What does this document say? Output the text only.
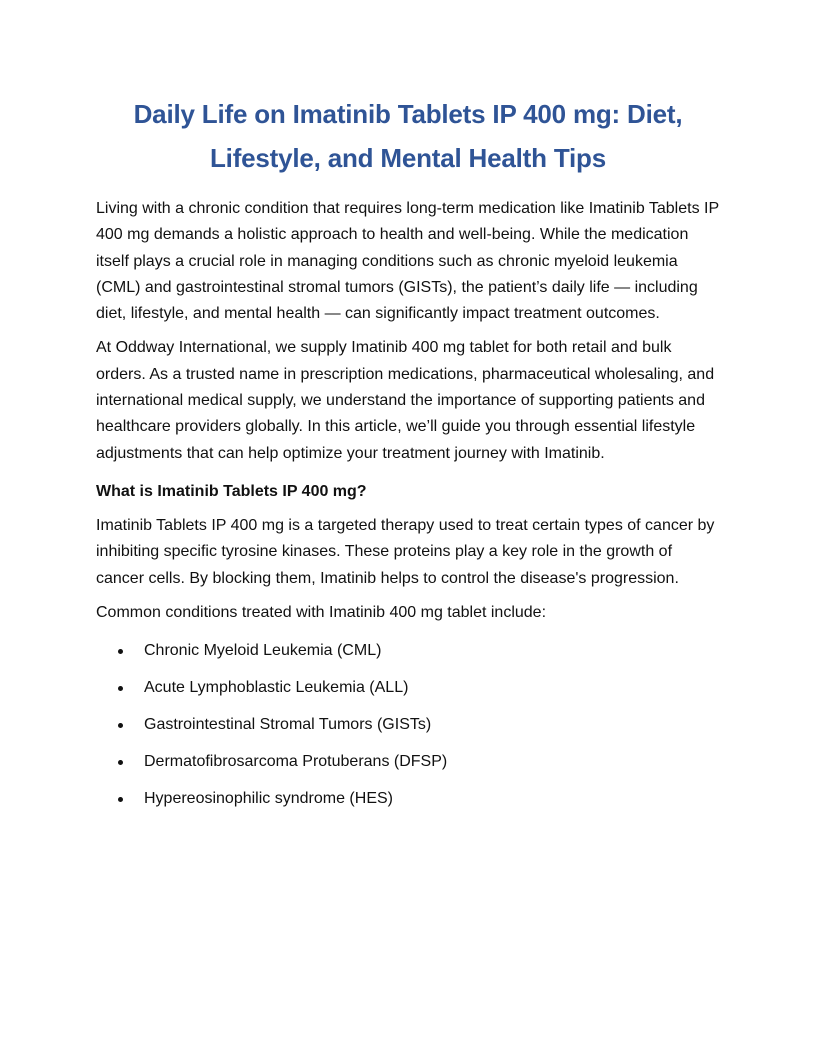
Daily Life on Imatinib Tablets IP 400 mg: Diet, Lifestyle, and Mental Health Tips

Living with a chronic condition that requires long-term medication like Imatinib Tablets IP 400 mg demands a holistic approach to health and well-being. While the medication itself plays a crucial role in managing conditions such as chronic myeloid leukemia (CML) and gastrointestinal stromal tumors (GISTs), the patient’s daily life — including diet, lifestyle, and mental health — can significantly impact treatment outcomes.

At Oddway International, we supply Imatinib 400 mg tablet for both retail and bulk orders. As a trusted name in prescription medications, pharmaceutical wholesaling, and international medical supply, we understand the importance of supporting patients and healthcare providers globally. In this article, we’ll guide you through essential lifestyle adjustments that can help optimize your treatment journey with Imatinib.

What is Imatinib Tablets IP 400 mg?

Imatinib Tablets IP 400 mg is a targeted therapy used to treat certain types of cancer by inhibiting specific tyrosine kinases. These proteins play a key role in the growth of cancer cells. By blocking them, Imatinib helps to control the disease's progression.

Common conditions treated with Imatinib 400 mg tablet include:

Chronic Myeloid Leukemia (CML)
Acute Lymphoblastic Leukemia (ALL)
Gastrointestinal Stromal Tumors (GISTs)
Dermatofibrosarcoma Protuberans (DFSP)
Hypereosinophilic syndrome (HES)
